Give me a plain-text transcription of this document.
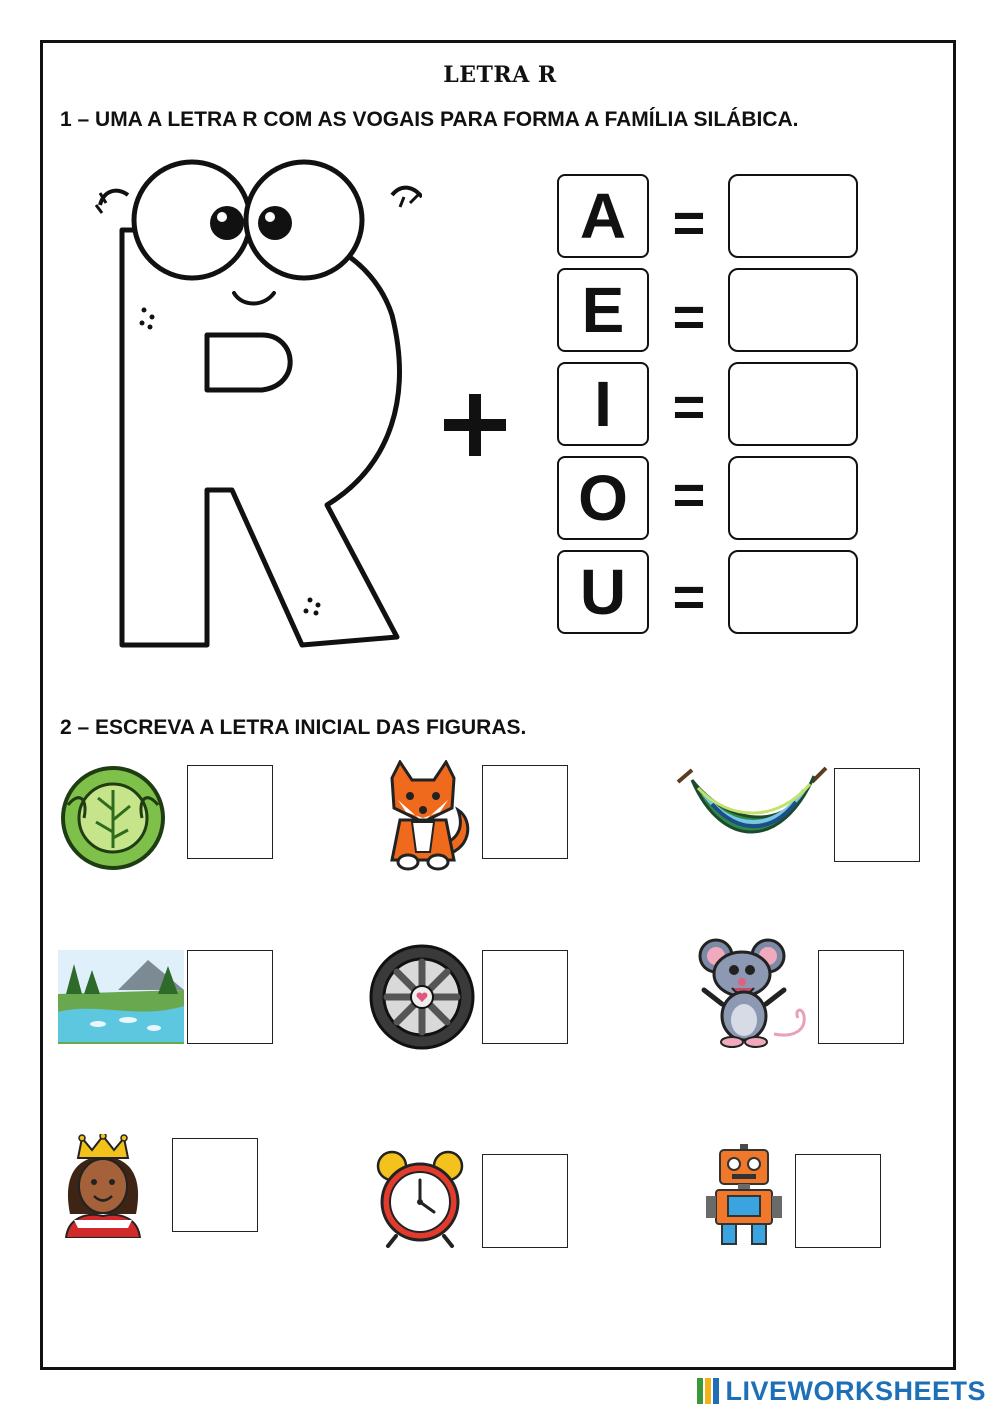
LETRA R
1 – UMA A LETRA R COM AS VOGAIS PARA FORMA A FAMÍLIA SILÁBICA.
A =
E =
I	=
O =
U =
2 – ESCREVA A LETRA INICIAL DAS FIGURAS.
LIVEWORKSHEETS
